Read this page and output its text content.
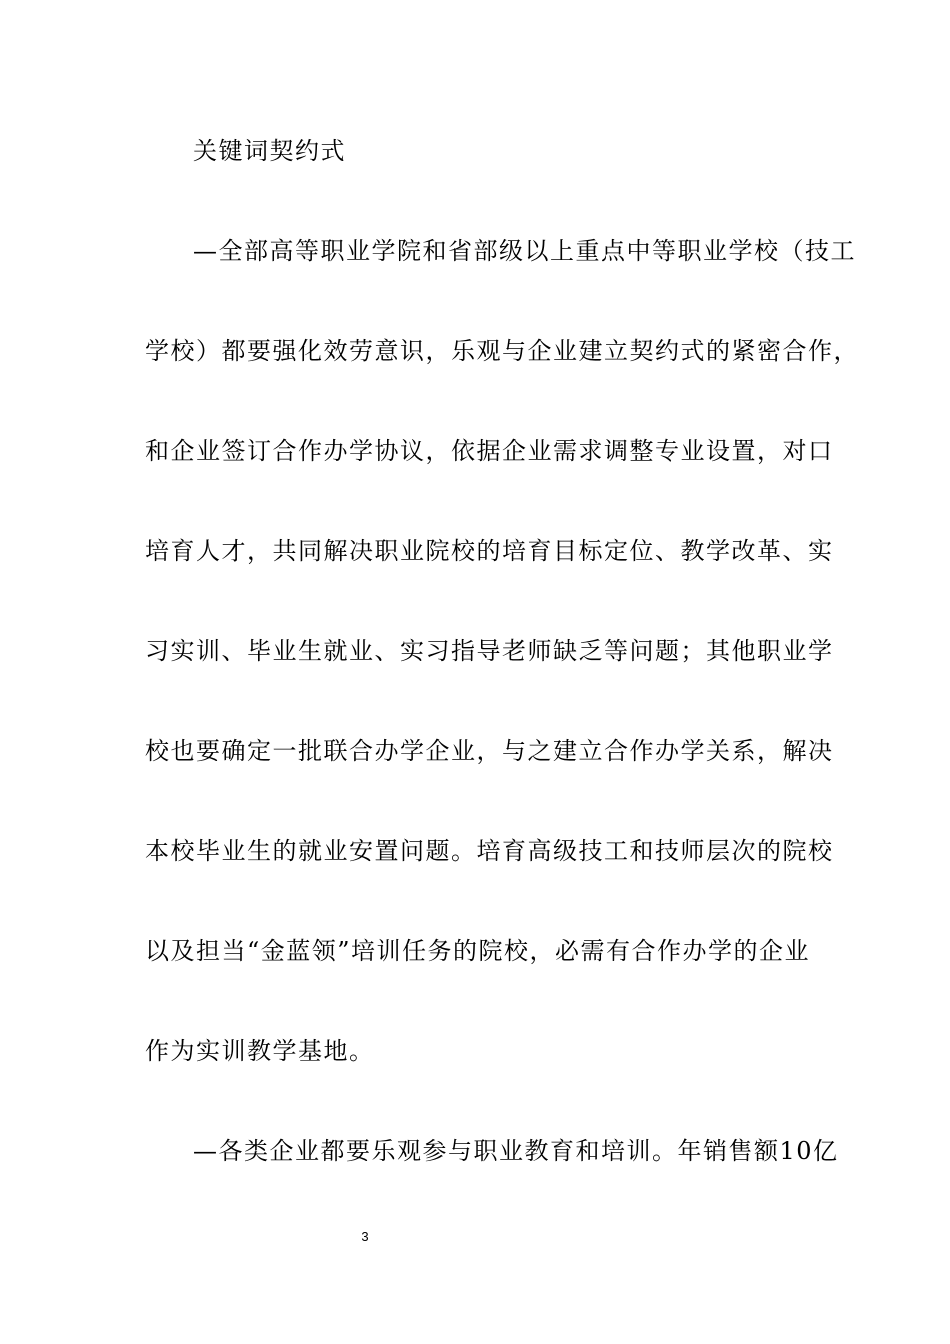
关键词契约式
—全部高等职业学院和省部级以上重点中等职业学校（技工
学校）都要强化效劳意识，乐观与企业建立契约式的紧密合作，
和企业签订合作办学协议，依据企业需求调整专业设置，对口
培育人才，共同解决职业院校的培育目标定位、教学改革、实
习实训、毕业生就业、实习指导老师缺乏等问题；其他职业学
校也要确定一批联合办学企业，与之建立合作办学关系，解决
本校毕业生的就业安置问题。培育高级技工和技师层次的院校
以及担当“金蓝领”培训任务的院校，必需有合作办学的企业
作为实训教学基地。
—各类企业都要乐观参与职业教育和培训。年销售额10亿
3
